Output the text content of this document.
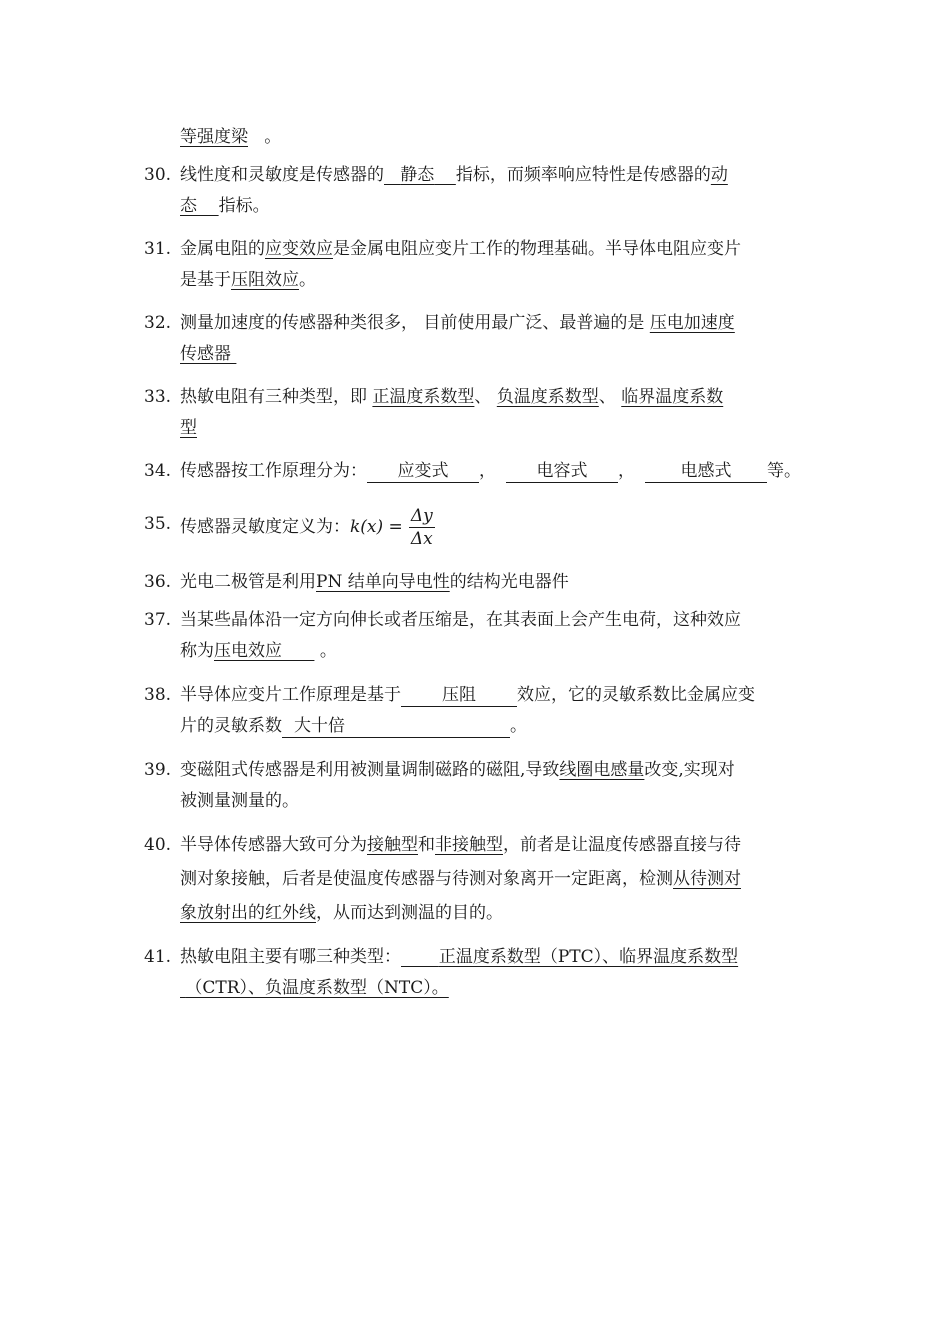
等强度梁 。
30. 线性度和灵敏度是传感器的 静态 指标，而频率响应特性是传感器的动
态 指标。
31. 金属电阻的应变效应是金属电阻应变片工作的物理基础。半导体电阻应变片
是基于压阻效应。
32. 测量加速度的传感器种类很多， 目前使用最广泛、最普遍的是 压电加速度
传感器
33. 热敏电阻有三种类型，即 正温度系数型、 负温度系数型、 临界温度系数
型
34. 传感器按工作原理分为： 应变式 ， 电容式 ，	电感式 等。
35. 传感器灵敏度定义为： $k(x) = \frac{\Delta y}{\Delta x}$
36. 光电二极管是利用PN 结单向导电性的结构光电器件
37. 当某些晶体沿一定方向伸长或者压缩是，在其表面上会产生电荷，这种效应
称为压电效应 。
38. 半导体应变片工作原理是基于 压阻 效应，它的灵敏系数比金属应变
片的灵敏系数 大十倍	。
39. 变磁阻式传感器是利用被测量调制磁路的磁阻,导致线圈电感量改变,实现对
被测量测量的。
40. 半导体传感器大致可分为接触型和非接触型，前者是让温度传感器直接与待
测对象接触，后者是使温度传感器与待测对象离开一定距离，检测从待测对
象放射出的红外线，从而达到测温的目的。
41. 热敏电阻主要有哪三种类型： 正温度系数型（PTC）、临界温度系数型
（CTR）、负温度系数型（NTC）。
